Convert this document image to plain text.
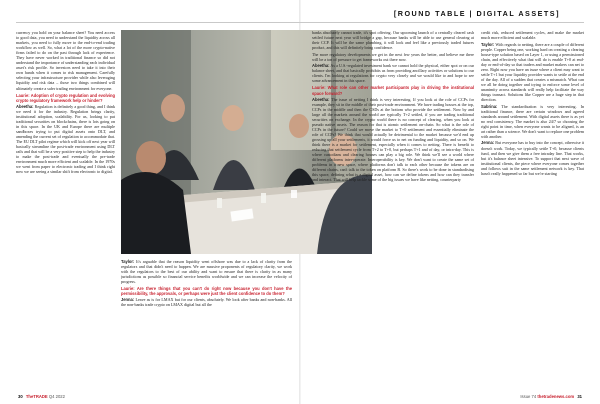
[ROUND TABLE | DIGITAL ASSETS]

currency you hold on your balance sheet? You need access to good data, you need to understand the liquidity across all markets, you need to fully move to the end-to-end trading workflow as well. So, what a lot of the more crypto-native firms failed to do on the past through lack of experience. They have never worked in traditional finance so did not understand the importance of understanding each individual asset's risk profile. So investors need to take it into their own hands when it comes to risk management. Carefully selecting your infrastructure provider while also leveraging liquidity and risk data – those two things combined will ultimately create a safer trading environment for everyone.

Laurie: Adoption of crypto regulation and evolving crypto regulatory framework help or hinder?

Abeetha: Regulation is definitely a good thing, and I think we need it for the industry. Regulation brings clarity, institutional adoption, scalability. For us, looking to put traditional securities on blockchains, there is lots going on in this space. In the UK and Europe there are multiple sandboxes trying to put digital assets onto DLT, and amending the current set of regulation to accommodate that. The EU DLT pilot regime which will kick off next year will basically streamline the post-trade environment using DLT rails and that will be a very positive step to help the industry to make the post-trade and eventually the pre-trade environment much more efficient and scalable. In the 1970s we went from paper to electronic trading and I think right now we are seeing a similar shift from electronic to digital.

Taylor: It's arguable that the reason liquidity went offshore was due to a lack of clarity from the regulators and that didn't need to happen. We are massive proponents of regulatory clarity, we work with the regulators to the best of our ability and want to ensure that there is clarity in as many jurisdictions as possible so financial service benefits worldwide and we can increase the velocity of progress.

Laurie: Are there things that you can't do right now because you don't have the permissibility, the approvals, or perhaps were just the client confidence to do them?

Jenna: Leave as is for LMAX but for our clients, absolutely. We look after banks and non-banks. All the non-banks trade crypto on LMAX digital but all the

banks absolutely cannot trade, it's spot offering. Our upcoming launch of a centrally cleared cash settled future next year will bridge a gap, because banks will be able to use general clearing at their CCP. It will be the same plumbing, it will look and feel like a previously traded futures product, and this will definitely bring confidence.

The more regulatory developments we get in the next few years the better, and believe me there will be a ton of pressure to get frameworks out there now.

Abeetha: As a U.S.-regulated investment bank we cannot hold the physical, either spot or on our balance sheet, and that basically prohibits us from providing ancillary activities or solutions to our clients. I'm looking at regulations for crypto very closely and we would like to and hope to see some advancement in this space.

Laurie: What role can other market participants play in driving the institutional space forward?

Abeetha: The issue of netting I think is very interesting. If you look at the role of CCPs for example, they sit in the middle of their post-trade environment. We have trading houses at the top, CCPs in the middle and then the CSDs at the bottom who provide the settlement. Now by and large all the markets around the world are typically T+2 settled, if you are trading traditional securities on exchange. In the crypto world there is no concept of clearing, when you look at pseudo native assets. The reason for that is atomic settlement on-chain. So what is the role of CCPs in the future? Could we move the market to T+0 settlement and essentially eliminate the role of CCPs? We think that would actually be detrimental to the market because we'd end up grossing up all your settlements, it would force us to net on funding and liquidity, and so on. We think there is a market for settlement, especially when it comes to netting. There is benefit to reducing that settlement cycle from T+2 to T+0, but perhaps T+1 and of day, or intra-day. This is where custodians and clearing houses can play a big role. We think we'll see a world where different platforms inter-operate. Interoperability is key. We don't want to create the same set of problems in a new space, where platforms don't talk to each other because the tokens are on different chains, can't talk to the token on platform B. So there's work to be done in standardising this space, defining what is a digital asset, how can we define tokens and how can they transfer and interact. That will help tackle some of the big issues we have like netting, counterparty

credit risk, reduced settlement cycles, and make the market much more efficient and scalable.

Taylor: With regards to netting, there are a couple of different people. Copper being one, working hard on creating a clearing house-type solution based on Layer 1, or using a permissioned chain, and effectively what that will do is enable T+0 at end-day or end-of-day so that traders and market makers can net to zero. Right now you have an issue where a client may want to settle T+1 but your liquidity provider wants to settle at the end of the day. All of a sudden that creates a mismatch. What can we all be doing together and trying to enforce some level of unanimity across standards will really help facilitate the way things transact. Solutions like Copper are a huge step in that direction.

Sabrina: The standardisation is very interesting. In traditional finance, there are certain windows and agreed standards around settlement. With digital assets there is as yet no real consistency. The market is also 24/7 so choosing the right point in time, when everyone wants to be aligned, is an art rather than a science. We don't want to replace one problem with another.

Jenna: But everyone has to buy into the concept, otherwise it doesn't work. Today, we typically settle T+0, because clients fund, and then we give them a free intraday line. That works, but it's balance sheet intensive. To support that next wave of institutional clients, the piece where everyone comes together and follows suit in the same settlement network is key. That hasn't really happened so far but we're starting

30 TheTRADE Q4 2022	Issue 74 thetradenews.com 31
